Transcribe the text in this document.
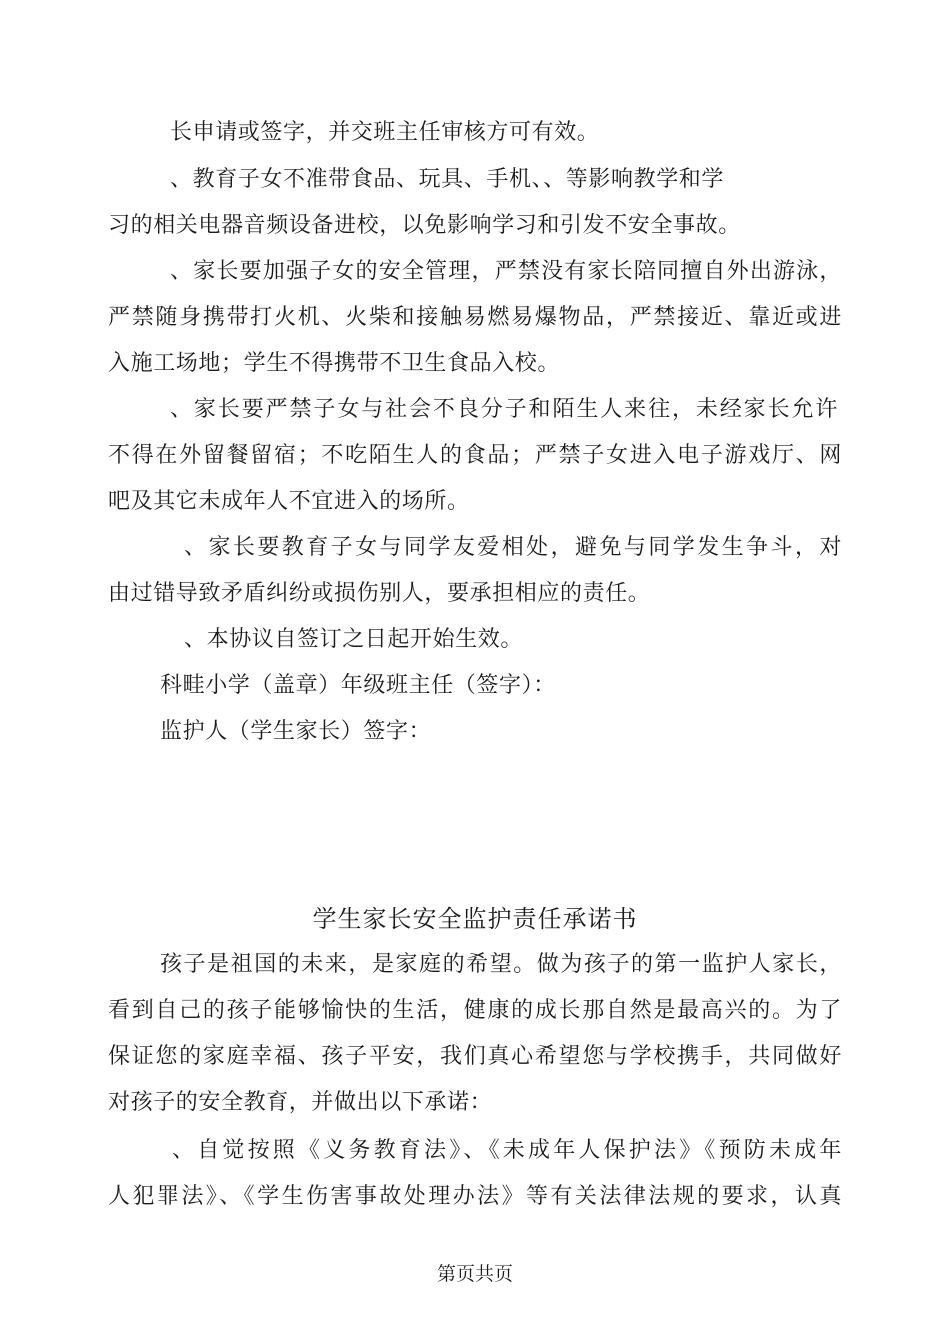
长申请或签字，并交班主任审核方可有效。
、教育子女不准带食品、玩具、手机、、等影响教学和学
习的相关电器音频设备进校，以免影响学习和引发不安全事故。
、家长要加强子女的安全管理，严禁没有家长陪同擅自外出游泳，
严禁随身携带打火机、火柴和接触易燃易爆物品，严禁接近、靠近或进
入施工场地；学生不得携带不卫生食品入校。
、家长要严禁子女与社会不良分子和陌生人来往，未经家长允许
不得在外留餐留宿；不吃陌生人的食品；严禁子女进入电子游戏厅、网
吧及其它未成年人不宜进入的场所。
、家长要教育子女与同学友爱相处，避免与同学发生争斗，对
由过错导致矛盾纠纷或损伤别人，要承担相应的责任。
、本协议自签订之日起开始生效。
科畦小学（盖章）年级班主任（签字）：
监护人（学生家长）签字：
学生家长安全监护责任承诺书
孩子是祖国的未来，是家庭的希望。做为孩子的第一监护人家长，
看到自己的孩子能够愉快的生活，健康的成长那自然是最高兴的。为了
保证您的家庭幸福、孩子平安，我们真心希望您与学校携手，共同做好
对孩子的安全教育，并做出以下承诺：
、自觉按照《义务教育法》、《未成年人保护法》《预防未成年
人犯罪法》、《学生伤害事故处理办法》等有关法律法规的要求，认真
第页共页
